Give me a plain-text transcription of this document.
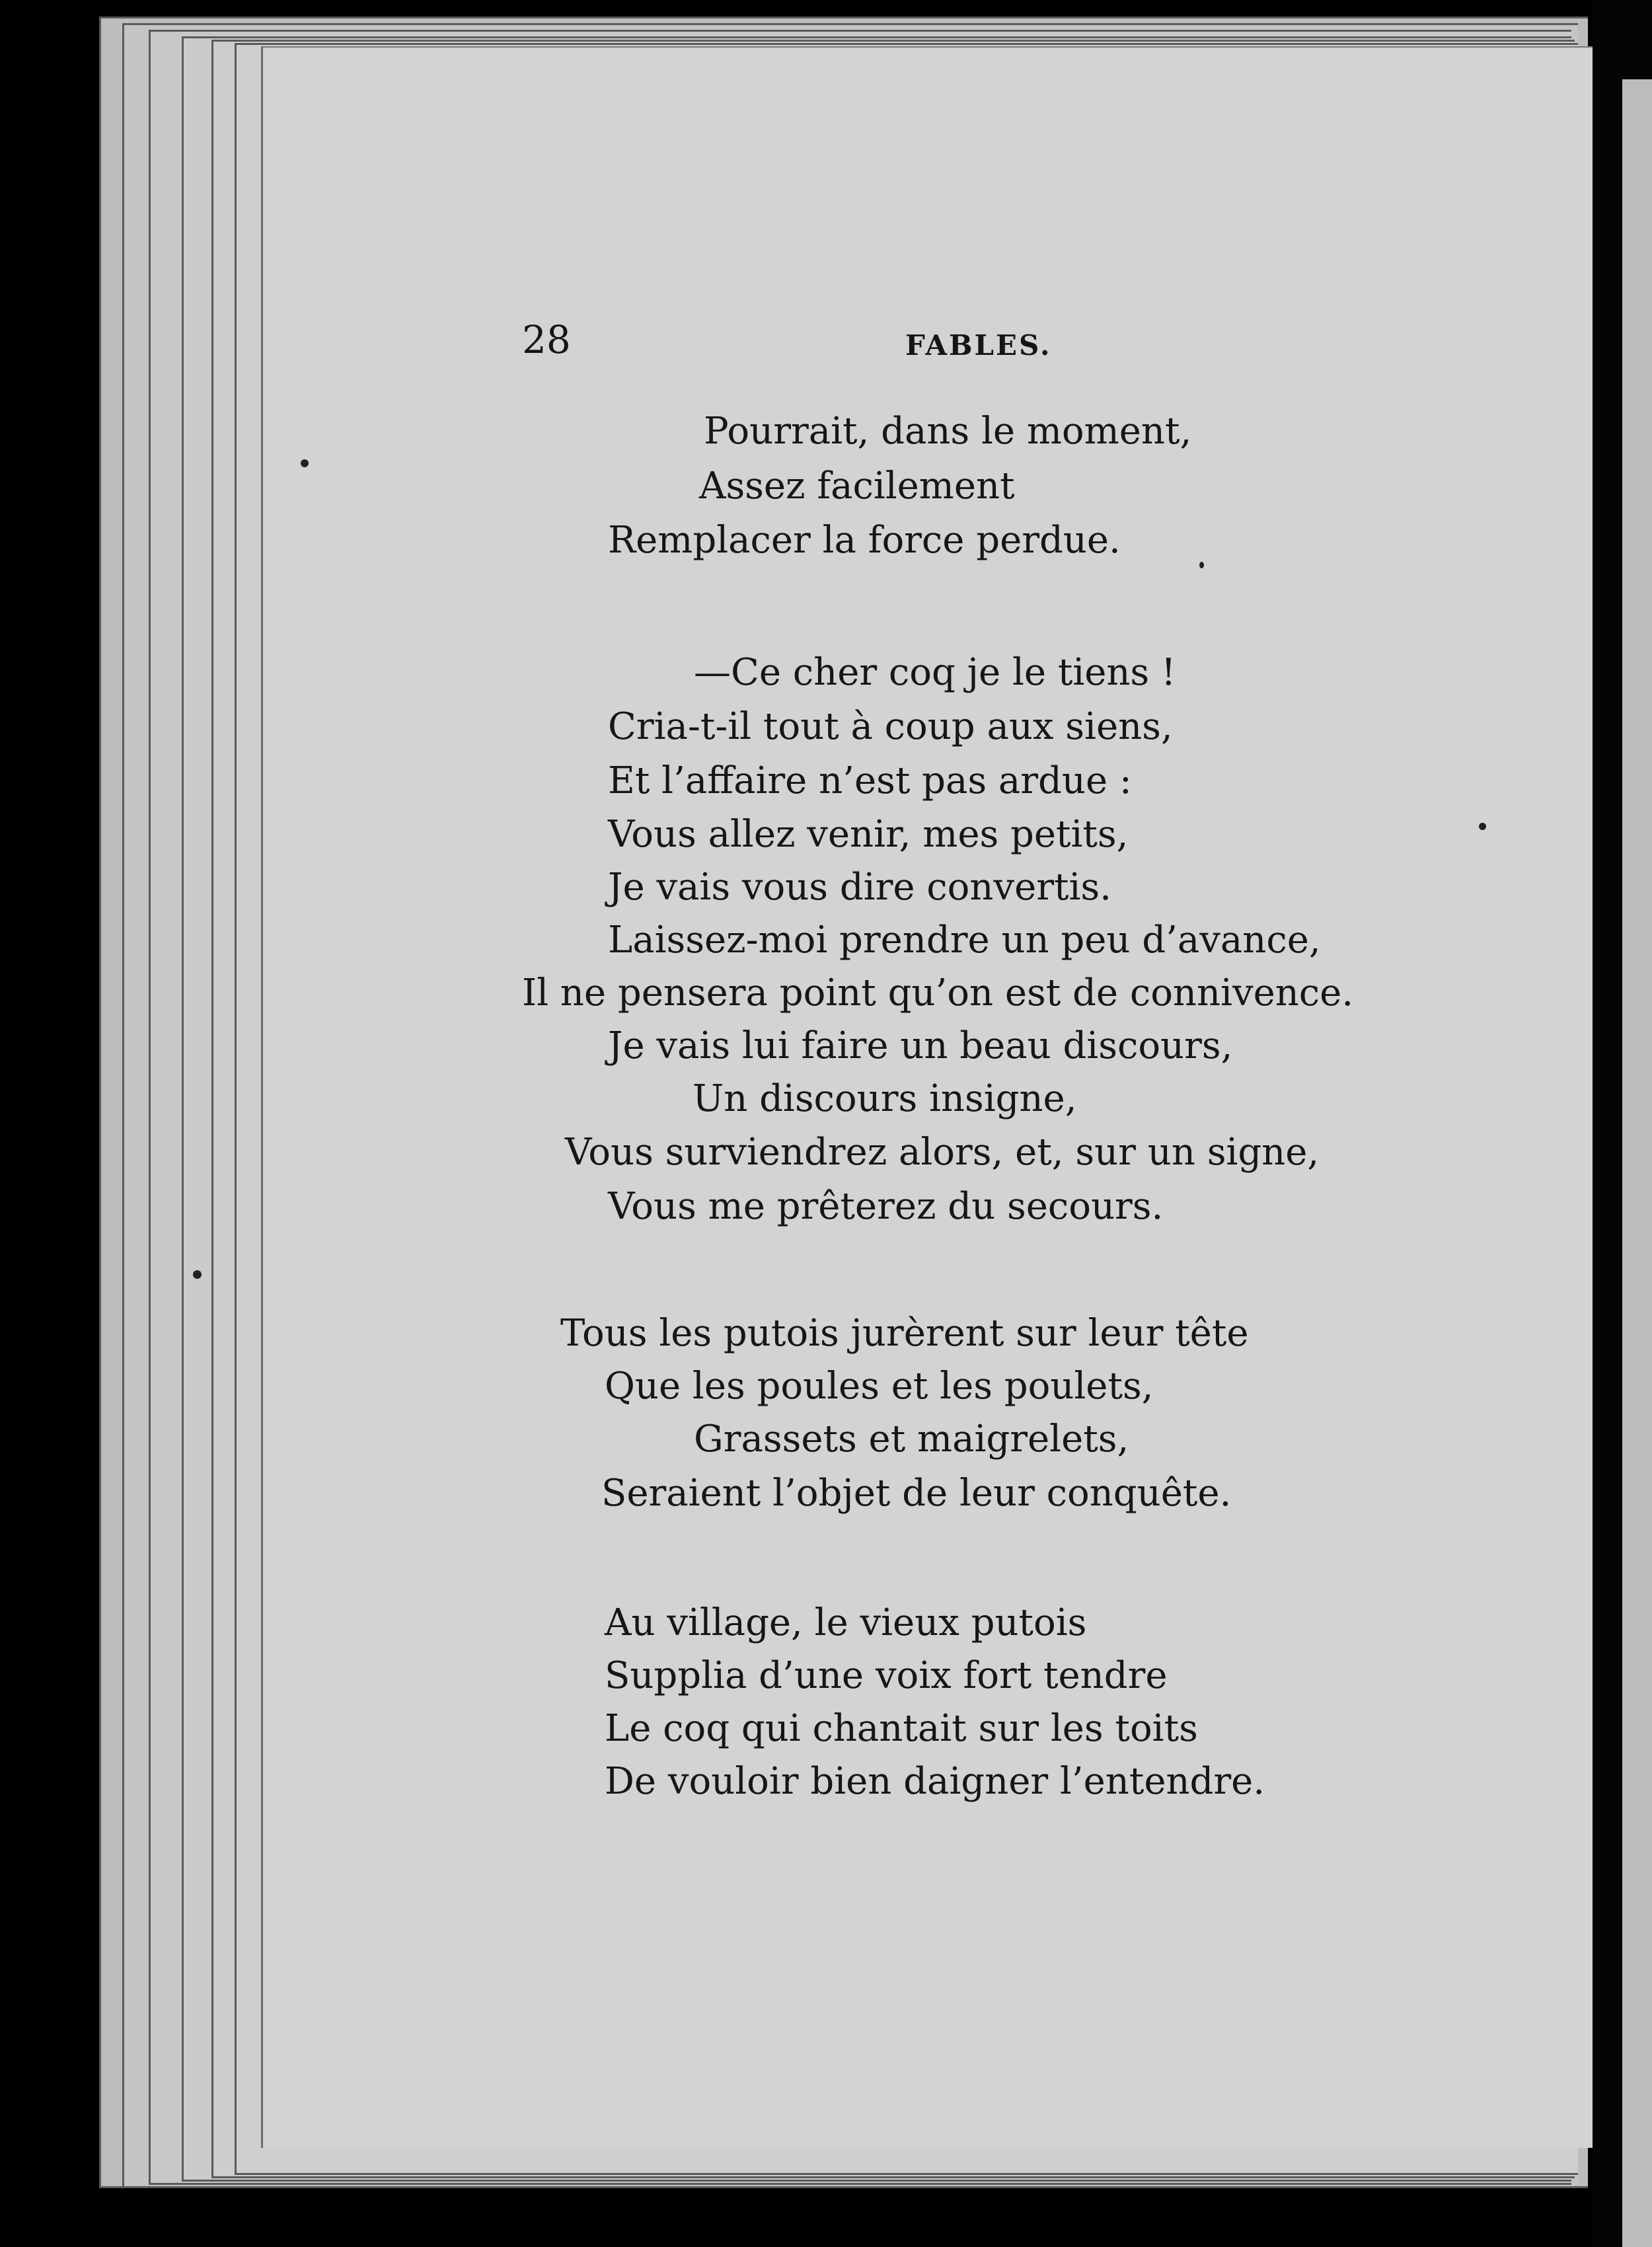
28	FABLES.
Pourrait, dans le moment,
Assez facilement
Remplacer la force perdue.
—Ce cher coq je le tiens !
Cria-t-il tout à coup aux siens,
Et l’affaire n’est pas ardue :
Vous allez venir, mes petits,
Je vais vous dire convertis.
Laissez-moi prendre un peu d’avance,
Il ne pensera point qu’on est de connivence.
Je vais lui faire un beau discours,
Un discours insigne,
Vous surviendrez alors, et, sur un signe,
Vous me prêterez du secours.
Tous les putois jurèrent sur leur tête
Que les poules et les poulets,
Grassets et maigrelets,
Seraient l’objet de leur conquête.
Au village, le vieux putois
Supplia d’une voix fort tendre
Le coq qui chantait sur les toits
De vouloir bien daigner l’entendre.
